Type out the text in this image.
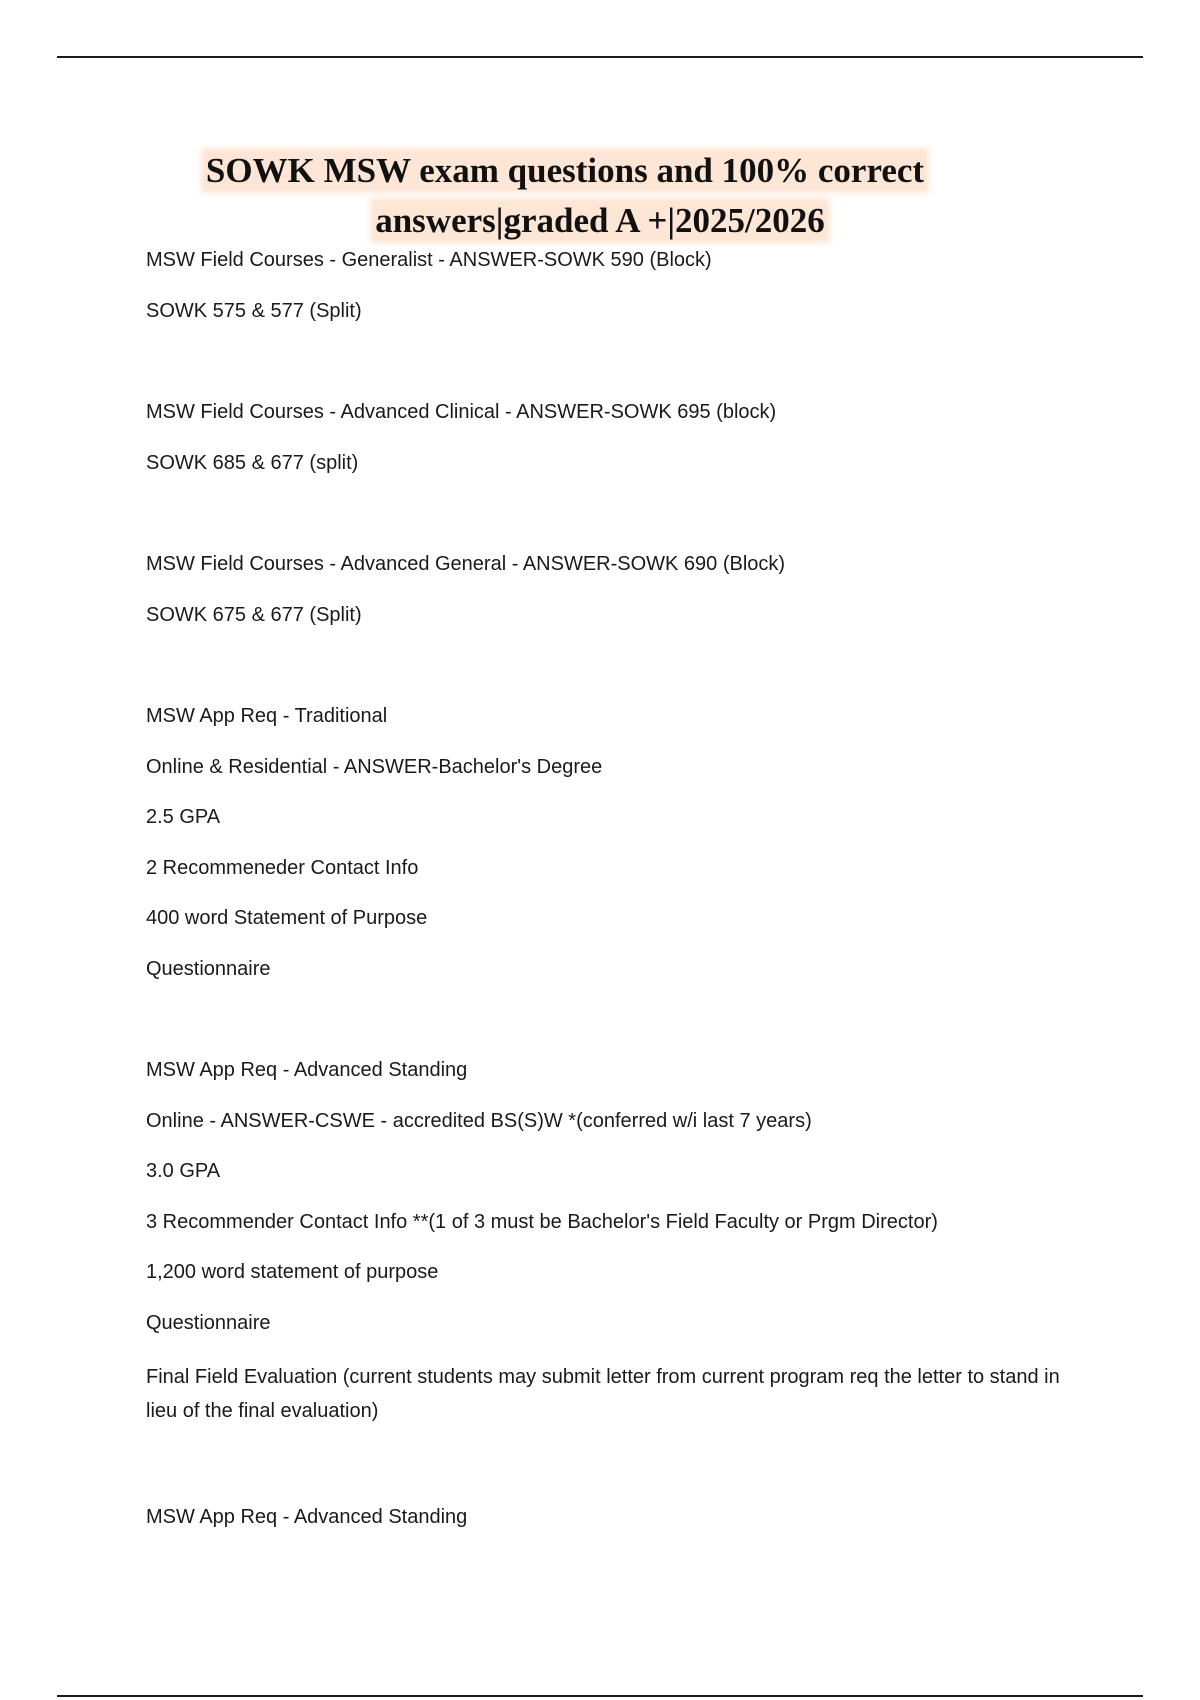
SOWK MSW exam questions and 100% correct
answers|graded A +|2025/2026

MSW Field Courses - Generalist - ANSWER-SOWK 590 (Block)

SOWK 575 & 577 (Split)

MSW Field Courses - Advanced Clinical - ANSWER-SOWK 695 (block)

SOWK 685 & 677 (split)

MSW Field Courses - Advanced General - ANSWER-SOWK 690 (Block)

SOWK 675 & 677 (Split)

MSW App Req - Traditional

Online & Residential - ANSWER-Bachelor's Degree

2.5 GPA

2 Recommeneder Contact Info

400 word Statement of Purpose

Questionnaire

MSW App Req - Advanced Standing

Online - ANSWER-CSWE - accredited BS(S)W *(conferred w/i last 7 years)

3.0 GPA

3 Recommender Contact Info **(1 of 3 must be Bachelor's Field Faculty or Prgm Director)

1,200 word statement of purpose

Questionnaire

Final Field Evaluation (current students may submit letter from current program req the letter to stand in lieu of the final evaluation)

MSW App Req - Advanced Standing
